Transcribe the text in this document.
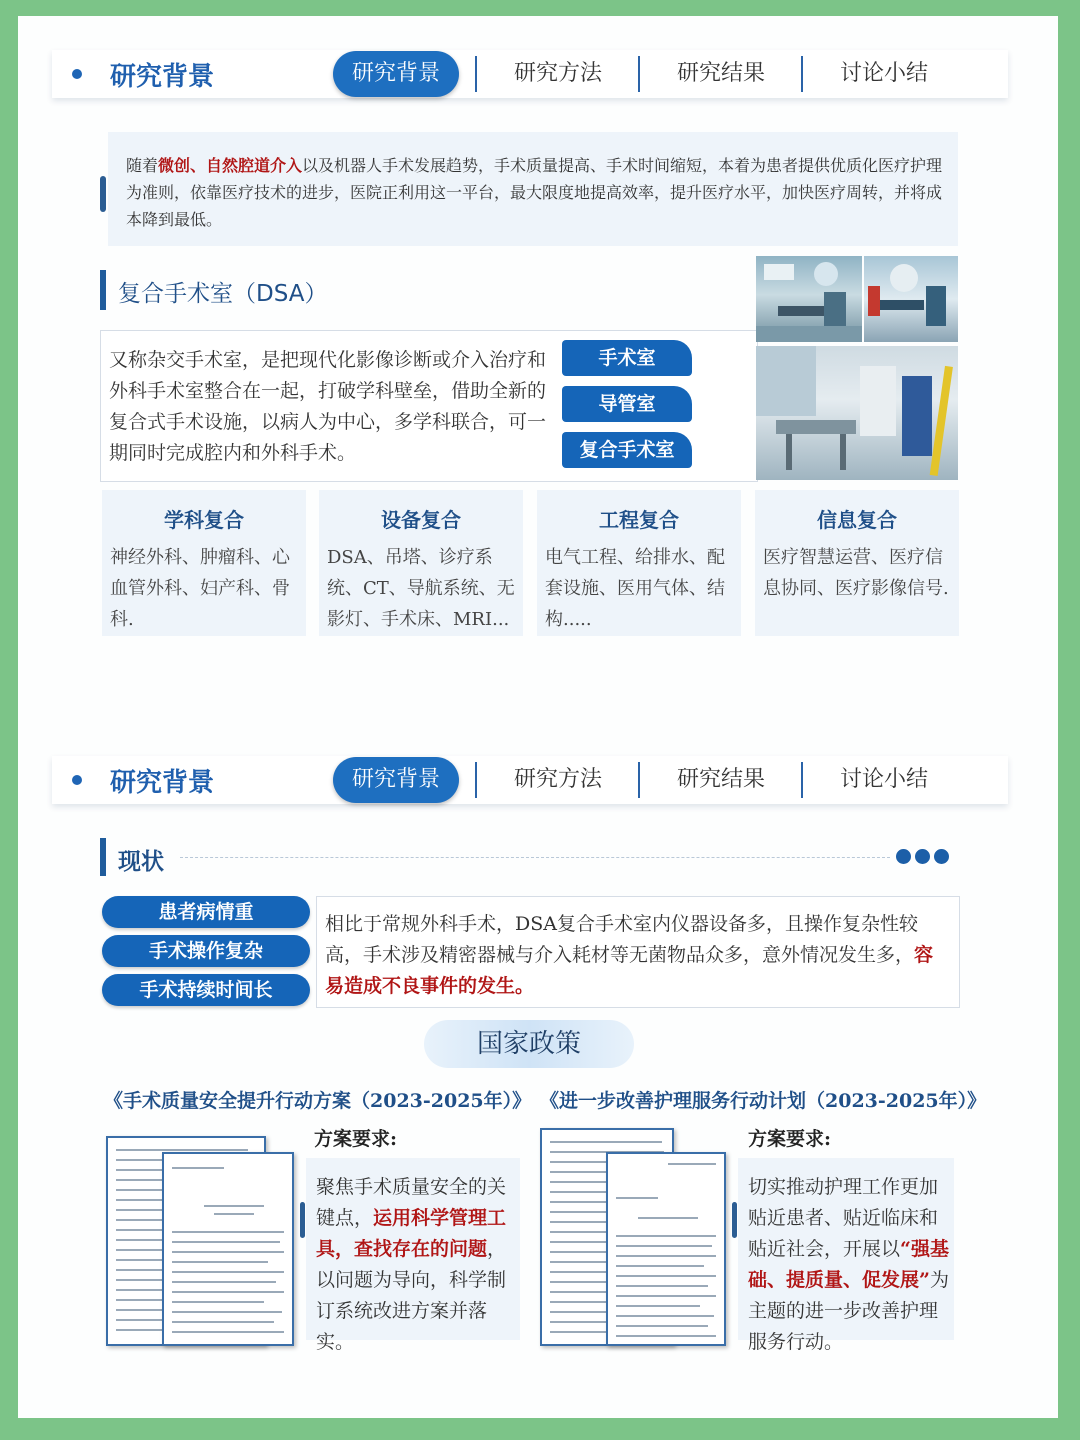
研究背景	研究背景	研究方法	研究结果	讨论小结

随着微创、自然腔道介入以及机器人手术发展趋势，手术质量提高、手术时间缩短，本着为患者提供优质化医疗护理为准则，依靠医疗技术的进步，医院正利用这一平台，最大限度地提高效率，提升医疗水平，加快医疗周转，并将成本降到最低。

复合手术室（DSA）

又称杂交手术室，是把现代化影像诊断或介入治疗和外科手术室整合在一起，打破学科壁垒，借助全新的复合式手术设施，以病人为中心，多学科联合，可一期同时完成腔内和外科手术。

手术室
导管室
复合手术室
学科复合
神经外科、肿瘤科、心血管外科、妇产科、骨科.
设备复合
DSA、吊塔、诊疗系统、CT、导航系统、无影灯、手术床、MRI...
工程复合
电气工程、给排水、配套设施、医用气体、结构.....
信息复合
医疗智慧运营、医疗信息协同、医疗影像信号.
研究背景	研究背景	研究方法	研究结果	讨论小结
现状
患者病情重
手术操作复杂
手术持续时间长

相比于常规外科手术，DSA复合手术室内仪器设备多，且操作复杂性较高，手术涉及精密器械与介入耗材等无菌物品众多，意外情况发生多，容易造成不良事件的发生。

国家政策
《手术质量安全提升行动方案（2023-2025年）》 《进一步改善护理服务行动计划（2023-2025年）》
方案要求:

聚焦手术质量安全的关键点，运用科学管理工具，查找存在的问题，以问题为导向，科学制订系统改进方案并落实。

方案要求:

切实推动护理工作更加贴近患者、贴近临床和贴近社会，开展以“强基础、提质量、促发展”为主题的进一步改善护理服务行动。
